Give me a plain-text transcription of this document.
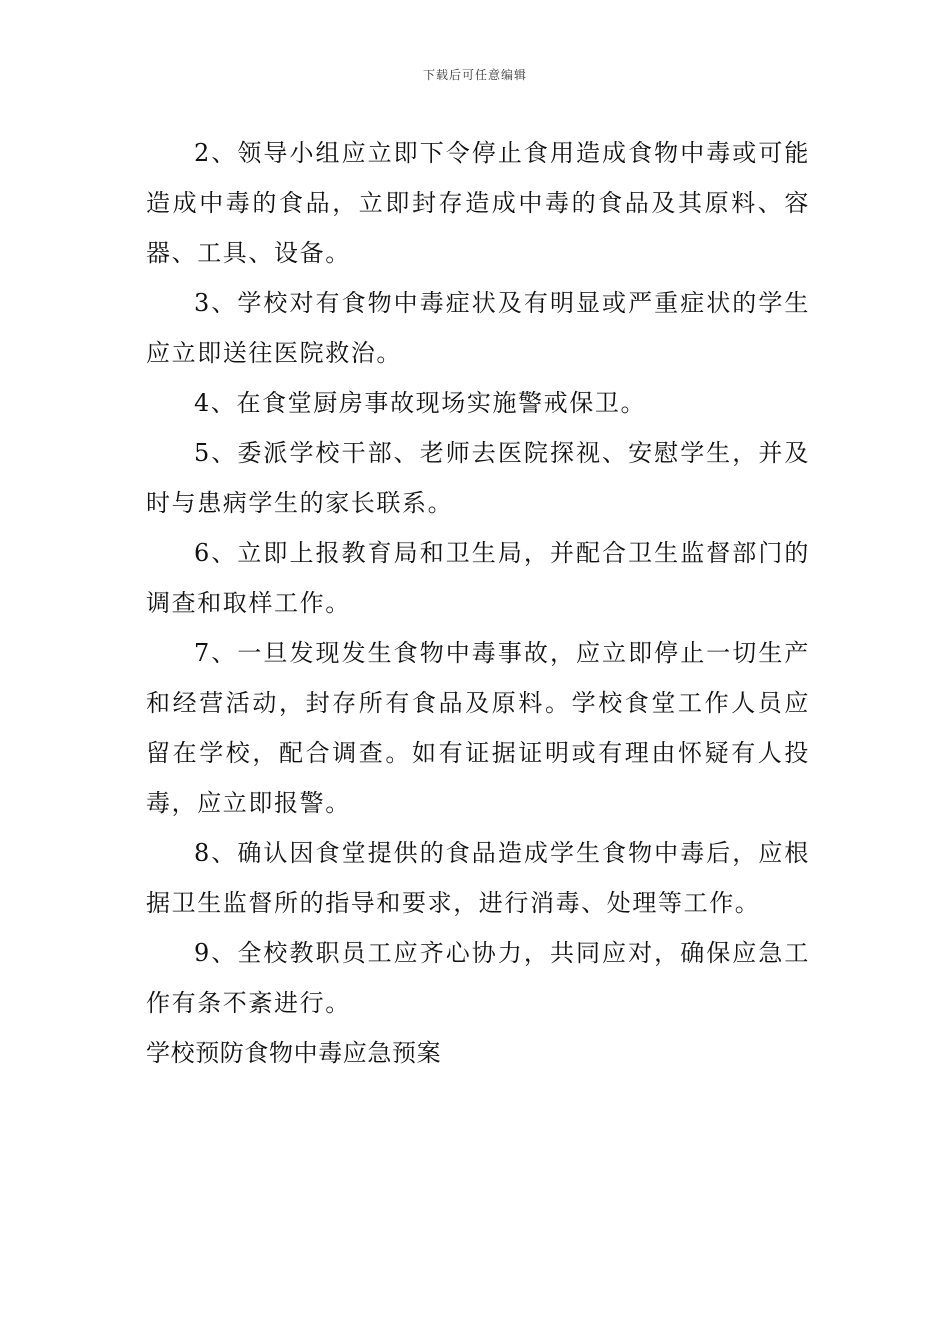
下载后可任意编辑

2、领导小组应立即下令停止食用造成食物中毒或可能造成中毒的食品，立即封存造成中毒的食品及其原料、容器、工具、设备。

3、学校对有食物中毒症状及有明显或严重症状的学生应立即送往医院救治。

4、在食堂厨房事故现场实施警戒保卫。

5、委派学校干部、老师去医院探视、安慰学生，并及时与患病学生的家长联系。

6、立即上报教育局和卫生局，并配合卫生监督部门的调查和取样工作。

7、一旦发现发生食物中毒事故，应立即停止一切生产和经营活动，封存所有食品及原料。学校食堂工作人员应留在学校，配合调查。如有证据证明或有理由怀疑有人投毒，应立即报警。

8、确认因食堂提供的食品造成学生食物中毒后，应根据卫生监督所的指导和要求，进行消毒、处理等工作。

9、全校教职员工应齐心协力，共同应对，确保应急工作有条不紊进行。

学校预防食物中毒应急预案
